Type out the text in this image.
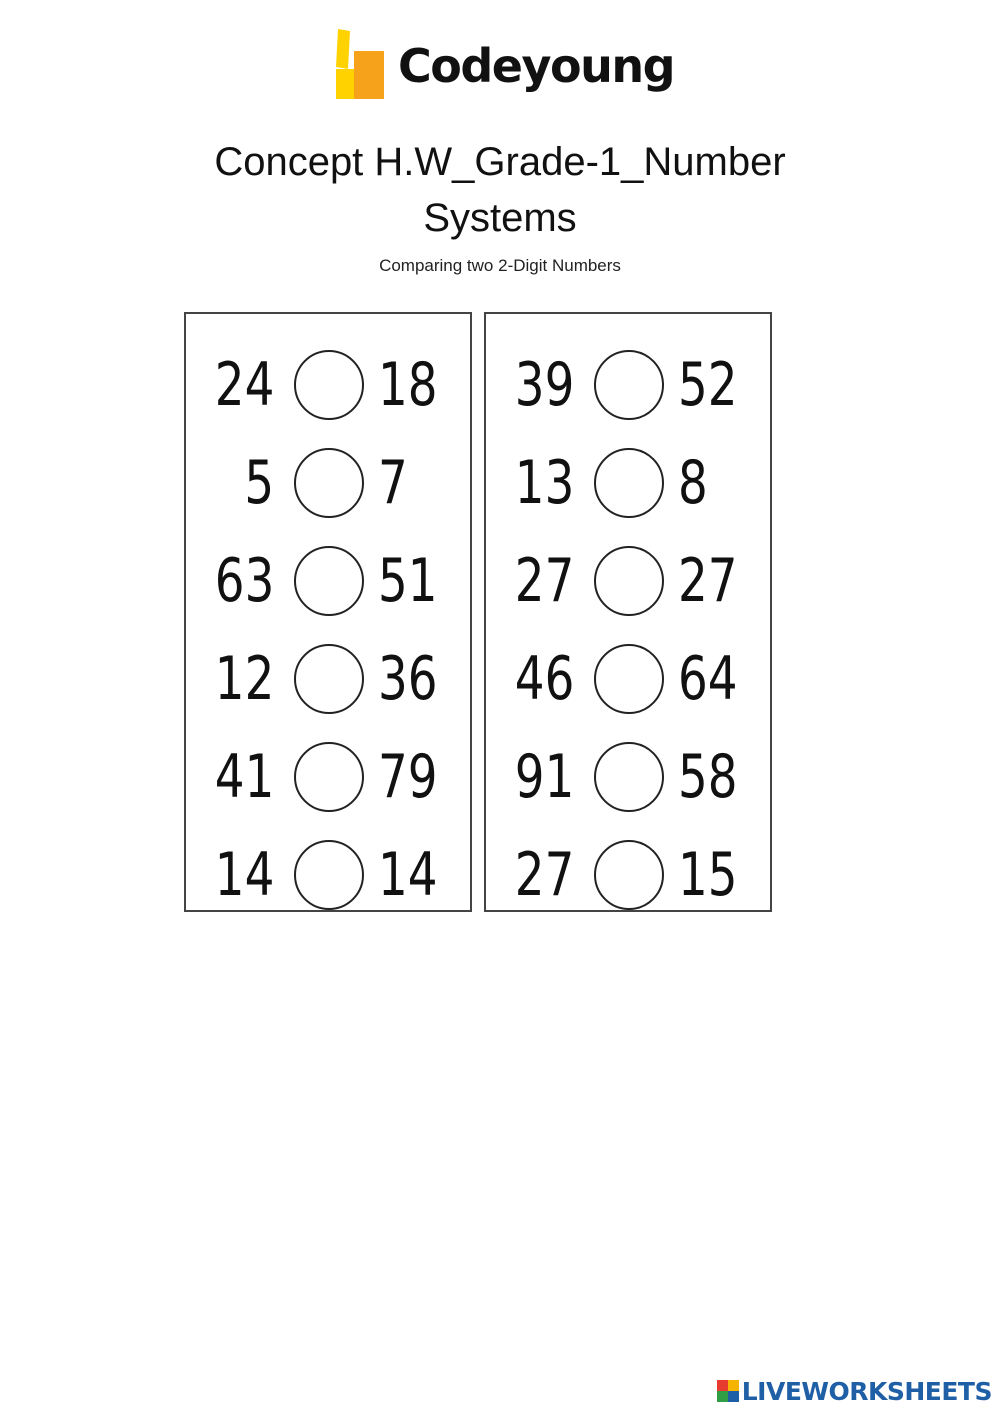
Codeyoung
Concept H.W_Grade-1_Number
Systems
Comparing two 2-Digit Numbers
24 18
5 7
63 51
12 36
41 79
14 14
39 52
13 8
27 27
46 64
91 58
27 15
LIVEWORKSHEETS
